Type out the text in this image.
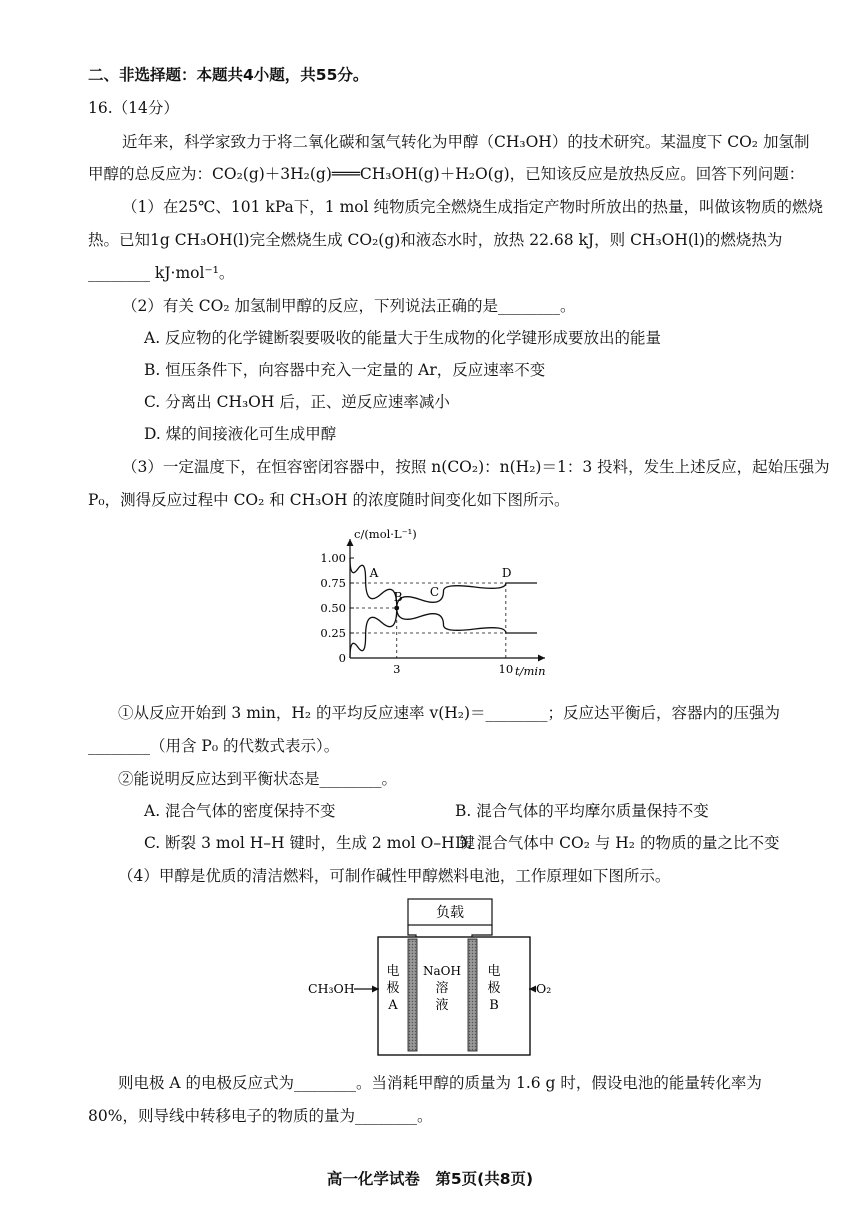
二、非选择题：本题共4小题，共55分。
16.（14分）
近年来，科学家致力于将二氧化碳和氢气转化为甲醇（CH₃OH）的技术研究。某温度下 CO₂ 加氢制
甲醇的总反应为：CO₂(g)＋3H₂(g)═══CH₃OH(g)＋H₂O(g)，已知该反应是放热反应。回答下列问题：
（1）在25℃、101 kPa下，1 mol 纯物质完全燃烧生成指定产物时所放出的热量，叫做该物质的燃烧
热。已知1g CH₃OH(l)完全燃烧生成 CO₂(g)和液态水时，放热 22.68 kJ，则 CH₃OH(l)的燃烧热为
________ kJ·mol⁻¹。
（2）有关 CO₂ 加氢制甲醇的反应，下列说法正确的是________。
A. 反应物的化学键断裂要吸收的能量大于生成物的化学键形成要放出的能量
B. 恒压条件下，向容器中充入一定量的 Ar，反应速率不变
C. 分离出 CH₃OH 后，正、逆反应速率减小
D. 煤的间接液化可生成甲醇
（3）一定温度下，在恒容密闭容器中，按照 n(CO₂)：n(H₂)＝1：3 投料，发生上述反应，起始压强为
P₀，测得反应过程中 CO₂ 和 CH₃OH 的浓度随时间变化如下图所示。
c/(mol·L⁻¹)
t/min
0
0.25
0.50
0.75
1.00
3	10
A
B C
D
①从反应开始到 3 min，H₂ 的平均反应速率 v(H₂)＝________；反应达平衡后，容器内的压强为
________（用含 P₀ 的代数式表示）。
②能说明反应达到平衡状态是________。
A. 混合气体的密度保持不变	B. 混合气体的平均摩尔质量保持不变
C. 断裂 3 mol H–H 键时，生成 2 mol O–H 键
D. 混合气体中 CO₂ 与 H₂ 的物质的量之比不变
（4）甲醇是优质的清洁燃料，可制作碱性甲醇燃料电池，工作原理如下图所示。
负载
电
极
A
NaOH
溶
液
电
极
B
CH₃OH	O₂
则电极 A 的电极反应式为________。当消耗甲醇的质量为 1.6 g 时，假设电池的能量转化率为
80%，则导线中转移电子的物质的量为________。
高一化学试卷　第5页(共8页)
